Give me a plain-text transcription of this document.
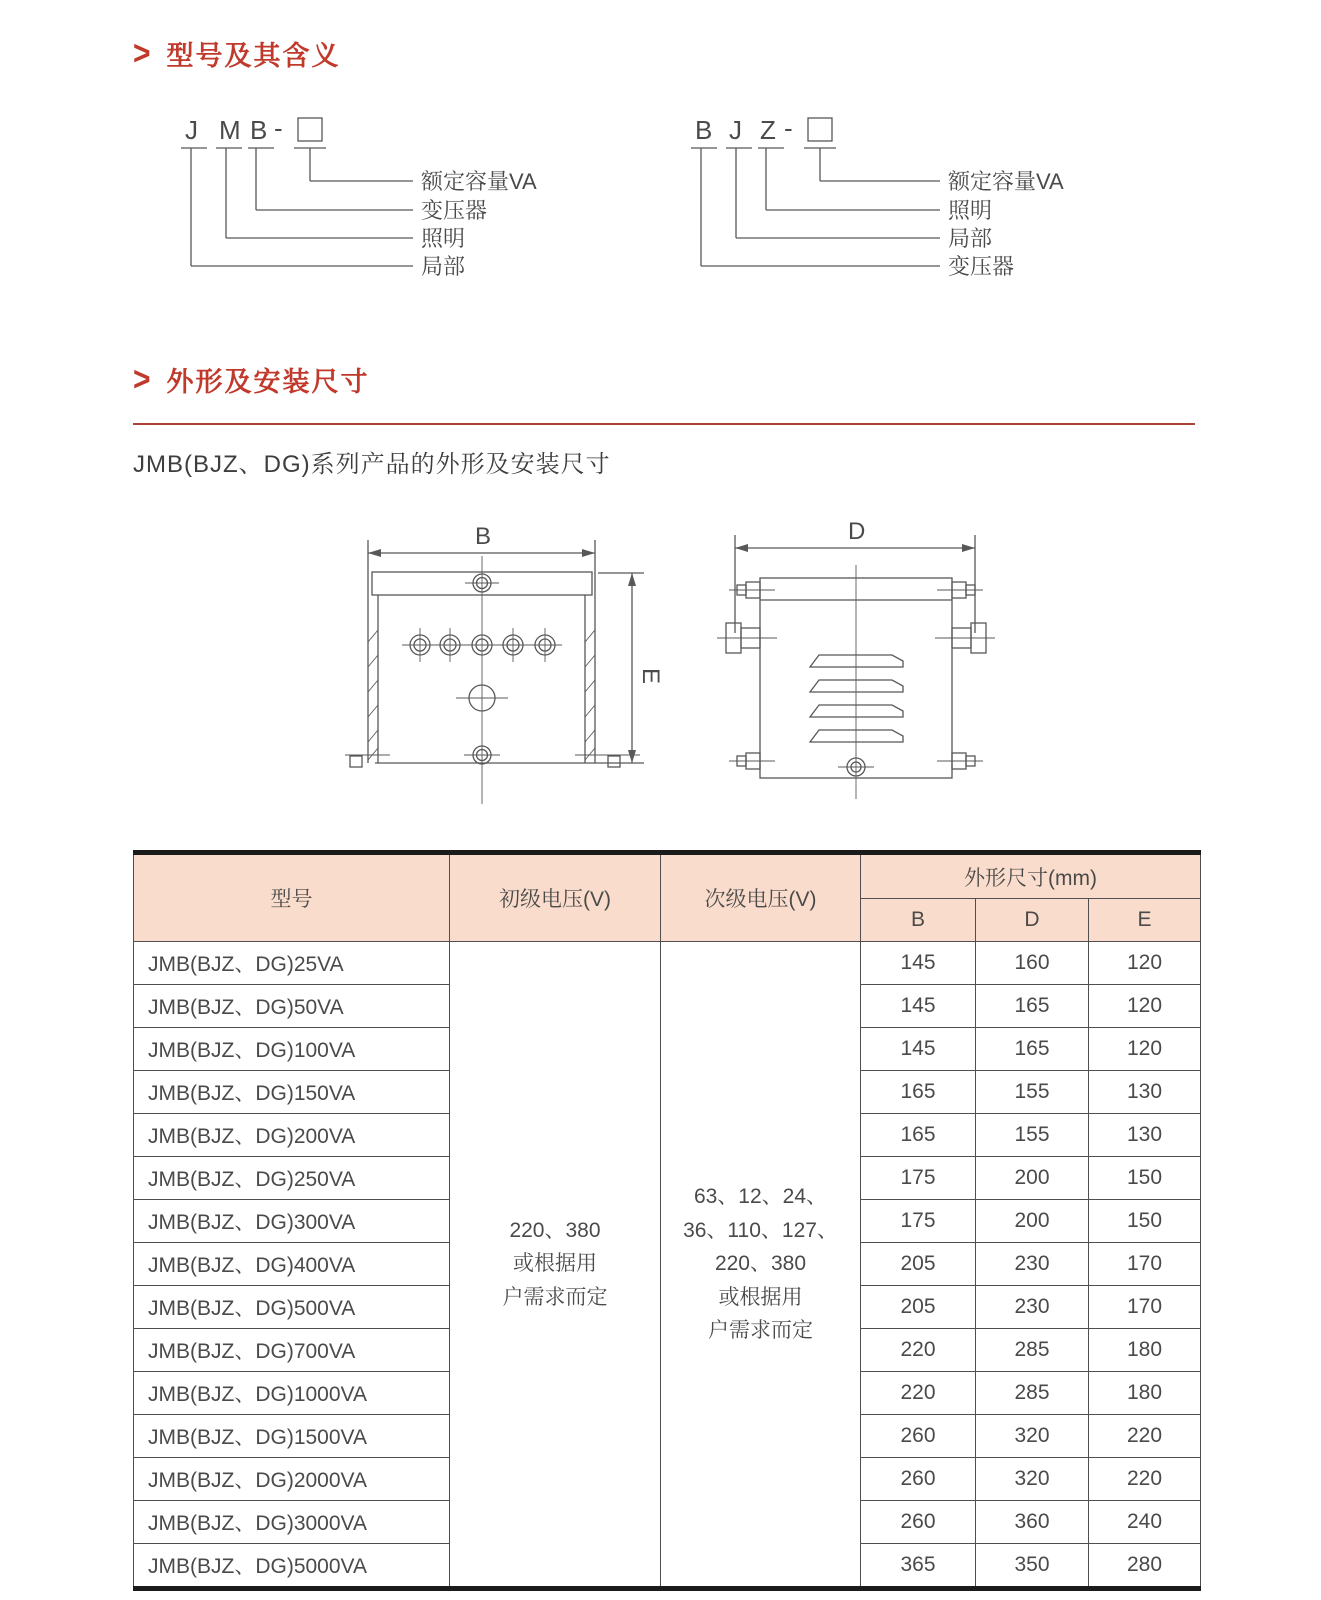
> 型号及其含义
J M B -
额定容量VA
变压器
照明
局部
B J Z -
额定容量VA
照明
局部
变压器
> 外形及安装尺寸

JMB(BJZ、DG)系列产品的外形及安装尺寸

B
E
D
型号	初级电压(V)	次级电压(V)	外形尺寸(mm)		
			B	D	E
JMB(BJZ、DG)25VA	220、380
或根据用
户需求而定	63、12、24、
36、110、127、
220、380
或根据用
户需求而定	145	160	120
JMB(BJZ、DG)50VA			145	165	120
JMB(BJZ、DG)100VA			145	165	120
JMB(BJZ、DG)150VA			165	155	130
JMB(BJZ、DG)200VA			165	155	130
JMB(BJZ、DG)250VA			175	200	150
JMB(BJZ、DG)300VA			175	200	150
JMB(BJZ、DG)400VA			205	230	170
JMB(BJZ、DG)500VA			205	230	170
JMB(BJZ、DG)700VA			220	285	180
JMB(BJZ、DG)1000VA			220	285	180
JMB(BJZ、DG)1500VA			260	320	220
JMB(BJZ、DG)2000VA			260	320	220
JMB(BJZ、DG)3000VA			260	360	240
JMB(BJZ、DG)5000VA			365	350	280
